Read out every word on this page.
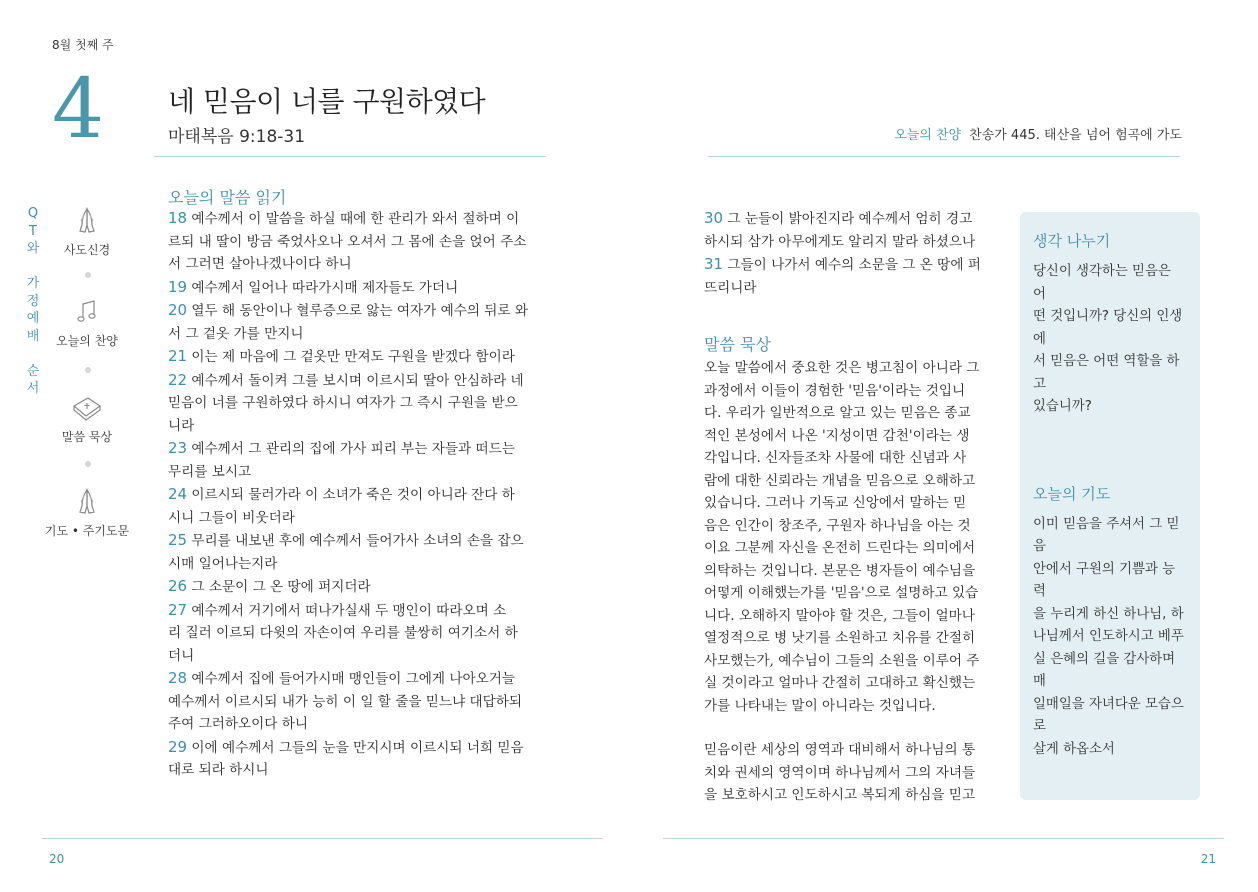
8월 첫째 주
4 네 믿음이 너를 구원하였다
마태복음 9:18-31
Q
T
와
가
정
예
배
순
서
사도신경
오늘의 찬양
말씀 묵상
기도 • 주기도문
오늘의 말씀 읽기
18 예수께서 이 말씀을 하실 때에 한 관리가 와서 절하며 이
르되 내 딸이 방금 죽었사오나 오셔서 그 몸에 손을 얹어 주소
서 그러면 살아나겠나이다 하니
19 예수께서 일어나 따라가시매 제자들도 가더니
20 열두 해 동안이나 혈루증으로 앓는 여자가 예수의 뒤로 와
서 그 겉옷 가를 만지니
21 이는 제 마음에 그 겉옷만 만져도 구원을 받겠다 함이라
22 예수께서 돌이켜 그를 보시며 이르시되 딸아 안심하라 네
믿음이 너를 구원하였다 하시니 여자가 그 즉시 구원을 받으
니라
23 예수께서 그 관리의 집에 가사 피리 부는 자들과 떠드는
무리를 보시고
24 이르시되 물러가라 이 소녀가 죽은 것이 아니라 잔다 하
시니 그들이 비웃더라
25 무리를 내보낸 후에 예수께서 들어가사 소녀의 손을 잡으
시매 일어나는지라
26 그 소문이 그 온 땅에 퍼지더라
27 예수께서 거기에서 떠나가실새 두 맹인이 따라오며 소
리 질러 이르되 다윗의 자손이여 우리를 불쌍히 여기소서 하
더니
28 예수께서 집에 들어가시매 맹인들이 그에게 나아오거늘
예수께서 이르시되 내가 능히 이 일 할 줄을 믿느냐 대답하되
주여 그러하오이다 하니
29 이에 예수께서 그들의 눈을 만지시며 이르시되 너희 믿음
대로 되라 하시니
20
오늘의 찬양 찬송가 445. 태산을 넘어 험곡에 가도
30 그 눈들이 밝아진지라 예수께서 엄히 경고
하시되 삼가 아무에게도 알리지 말라 하셨으나
31 그들이 나가서 예수의 소문을 그 온 땅에 퍼
뜨리니라
말씀 묵상
오늘 말씀에서 중요한 것은 병고침이 아니라 그
과정에서 이들이 경험한 '믿음'이라는 것입니
다. 우리가 일반적으로 알고 있는 믿음은 종교
적인 본성에서 나온 '지성이면 감천'이라는 생
각입니다. 신자들조차 사물에 대한 신념과 사
람에 대한 신뢰라는 개념을 믿음으로 오해하고
있습니다. 그러나 기독교 신앙에서 말하는 믿
음은 인간이 창조주, 구원자 하나님을 아는 것
이요 그분께 자신을 온전히 드린다는 의미에서
의탁하는 것입니다. 본문은 병자들이 예수님을
어떻게 이해했는가를 '믿음'으로 설명하고 있습
니다. 오해하지 말아야 할 것은, 그들이 얼마나
열정적으로 병 낫기를 소원하고 치유를 간절히
사모했는가, 예수님이 그들의 소원을 이루어 주
실 것이라고 얼마나 간절히 고대하고 확신했는
가를 나타내는 말이 아니라는 것입니다.
믿음이란 세상의 영역과 대비해서 하나님의 통
치와 권세의 영역이며 하나님께서 그의 자녀들
을 보호하시고 인도하시고 복되게 하심을 믿고
생각 나누기
당신이 생각하는 믿음은 어
떤 것입니까? 당신의 인생에
서 믿음은 어떤 역할을 하고
있습니까?
오늘의 기도
이미 믿음을 주셔서 그 믿음
안에서 구원의 기쁨과 능력
을 누리게 하신 하나님, 하
나님께서 인도하시고 베푸
실 은혜의 길을 감사하며 매
일매일을 자녀다운 모습으로
살게 하옵소서
21
